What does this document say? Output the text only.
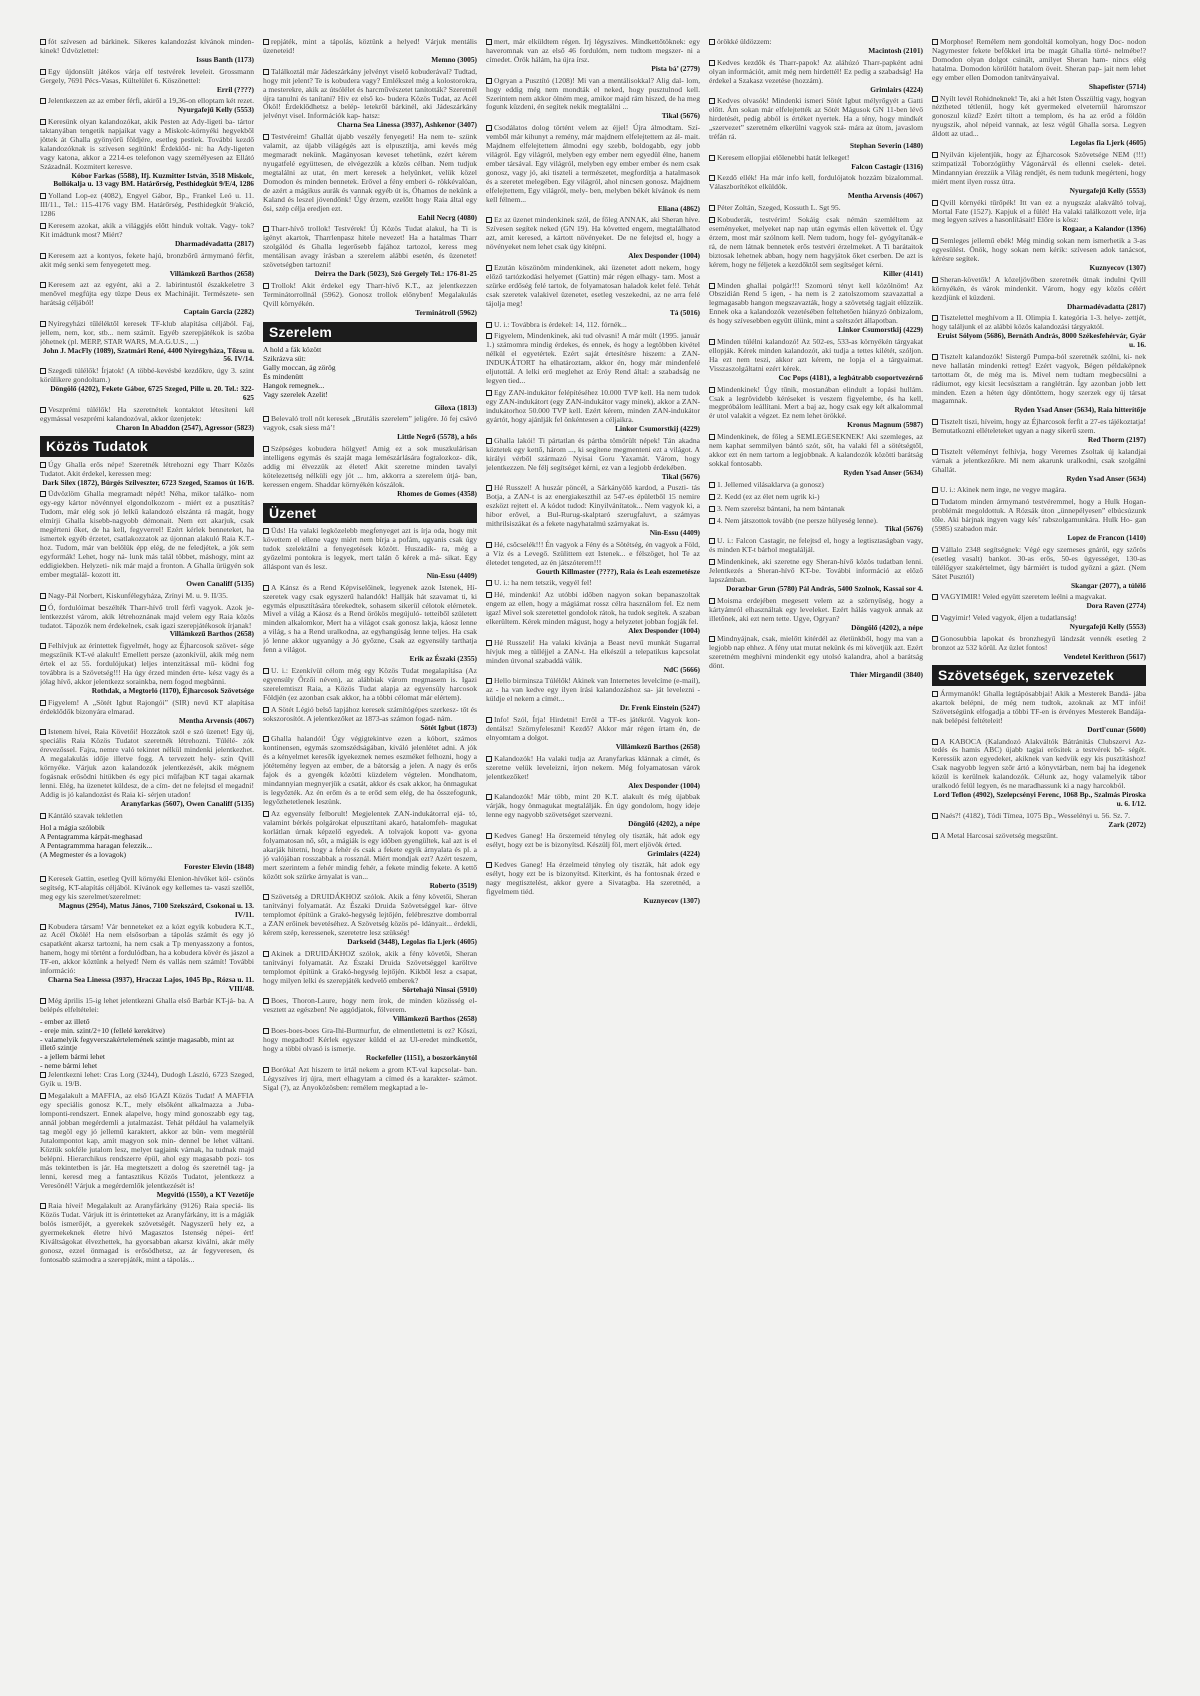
fót szívesen ad bárkinek. Sikeres kalandozást kívánok minden- kinek! Üdvözlettel:
Issus Banth (1173)
Egy újdonsült játékos várja elf testvérek leveleit. Grossmann Gergely, 7691 Pécs-Vasas, Kültelület 6. Köszönettel:
Erril (????)
Jelentkezzen az az ember férfi, akiről a 19,36-on elloptam két rezet.
Nyurgafejű Kelly (5553)
Keresünk olyan kalandozókat, akik Pesten az Ady-ligeti ba- tártor taktanyában tengetik napjaikat vagy a Miskolc-környéki hegyekből jöttek át Ghalla gyönyörű földjére, esetleg pestiek. További kezdő kalandozóknak is szívesen segítünk! Érdeklőd- ni: ha Ady-ligeten vagy katona, akkor a 2214-es telefonon vagy személyesen az Ellátó Századnál. Kozmitert keresve.
Kóbor Farkas (5588), Ifj. Kuzmitter István, 3518 Miskolc, Bollókalja u. 13 vagy BM. Határőrség, Pesthidegkút 9/E/4, 1286
Yolland Lop-ez (4082), Engyel Gábor, Bp., Frankel Leó u. 11. III/11., Tel.: 115-4176 vagy BM. Határőrség, Pesthidegkút 9/akció, 1286
Keresem azokat, akik a világgjés előtt hinduk voltak. Vagy- tok? Kit imádtunk most? Miért?
Dharmadévadatta (2817)
Keresem azt a kontyos, fekete hajú, bronzbőrű ármymanó férfit, akit még senki sem fenyegetett meg.
Villámkezű Barthos (2658)
Keresem azt az egyént, aki a 2. labirintustól északkeletre 3 menővel megfújta egy tüzpe Deus ex Machinájit. Természete- sen harátság céljából!
Captain Garcia (2282)
Nyíregyházi tűléléktől keresek TF-klub alapítása céljából. Faj, jellem, nem, kor, stb... nem számít. Egyéb szerepjátékok is szóba jöhetnek (pl. MERP, STAR WARS, M.A.G.U.S., ...)
John J. MacFly (1089), Szatmári René, 4400 Nyíregyháza, Tőzsu u. 56. IV/14.
Szegedi túlélők! Írjatok! (A többé-kevésbé kezdőkre, úgy 3. szint körülikere gondoltam.)
Döngölő (4202), Fekete Gábor, 6725 Szeged, Pille u. 20. Tel.: 322-625
Veszprémi túlélők! Ha szeretnétek kontaktot létesíteni kél egymással veszprémi kalandozóval, akkor üzenjetek:
Charon In Abaddon (2547), Agressor (5823)
Közös Tudatok
Úgy Ghalla erős népe! Szeretnék létrehozni egy Tharr Közös Tudatot. Akit érdekel, keressen meg:
Dark Silex (1872), Bürgés Szilveszter, 6723 Szeged, Szamos út 16/B.
Üdvözlöm Ghalla megramadt népét! Néha, mikor találko- nom egy-egy kártor növénnyel elgondolkozom - miért ez a pusztítás? Tudom, már elég sok jó lelkű kalandozó elszánta rá magát, hogy elmírji Ghalla kisebb-nagyobb démonait. Nem ezt akarjuk, csak megérteni őket, de ha kell, fegyverrel! Ezért kérlek benneteket, ha ismertek egyéb érzetet, csatlakozzatok az újonnan alakuló Raia K.T.-hoz. Tudom, már van belőlük épp elég, de ne feledjétek, a jók sem egyformák! Lehet, hogy ná- lunk más talál többet, máshogy, mint az eddigiekben. Helyzeti- nik már majd a fronton. A Ghalla ürügyén sok ember megtalál- kozott itt.
Owen Canaliff (5135)
Nagy-Pál Norbert, Kiskunfélegyháza, Zrínyi M. u. 9. II/35.
Ó, fordulóimat beszélték Tharr-hívő troll férfi vagyok. Azok je- lentkezzést várom, akik létrehoznának majd velem egy Raia közös tudatot. Tápozók nem érdekelnek, csak igazi szerepjátékosok írjanak!
Villámkezű Barthos (2658)
Felhívjuk az érintettek figyelmét, hogy az Éjharcosok szövet- sége megszűnik KT-vé alakult! Emellett persze (azonkívül, akik még nem értek el az 55. fordulójukat) leljes intenzitással mű- ködni fog továbbra is a Szövetség!!! Ha úgy érzed minden érte- kész vagy és a jólag hívő, akkor jelentkezz sorainkba, nem fogod megbánni.
Rothdak, a Megtorló (1170), Éjharcosok Szövetsége
Figyelem! A „Sötét Igbut Rajongói” (SIR) nevű KT alapítása érdeklődők bizonyára elmarad.
Mentha Arvensis (4067)
Istenem hívei, Raia Követői! Hozzátok szól e szó üzenet! Egy új, speciális Raia Közös Tudatot szeretnék létrehozni. Túlélé- zók érevezőssel. Fajra, nemre való tekintet nélkül mindenki jelentkezhet. A megalakulás idője illetve fogg. A tervezett hely- szín Qvill környéke. Várjuk azon kalandozók jelentkezését, akik mégnem fogásnak erősödni hitükben és egy pici műfajban KT tagai akarnak lenni. Elég, ha üzenetet küldesz, de a cím- det ne felejtsd el megadni! Addig is jó kalandozást és Raia kí- sérjen utadon!
Aranyfarkas (5607), Owen Canaliff (5135)
Kántáló szavak tekletlen
Hol a mágia szólobik
A Pentagramma kárpát-meghasad
A Pentagrammma haragan felezzik...
(A Megmester és a lovagok)
Forester Elevin (1848)
Keresek Gattin, esetleg Qvill környéki Elenion-hívőket köl- csönös segítség, KT-alapítás céljából. Kívánok egy kellemes ta- vaszi szellőt, meg egy kis szerelmet/szerelmet:
Magnus (2954), Matus János, 7100 Szekszárd, Csokonai u. 13. IV/11.
Kobudera társam! Vár benneteket ez a kózt egyik kobudera K.T., az Acél Ökölé! Ha nem elsősorban a tápolás számít és egy jó csapatként akarsz tartozni, ha nem csak a Tp menyasszony a fontos, hanem, hogy mi történt a fordulódban, ha a kobudera kövér és jászol a TF-en, akkor köztünk a helyed! Nem és vallás nem számít! További információ:
Charna Sea Linessa (3937), Hraczaz Lajos, 1045 Bp., Rózsa u. 11. VIII/48.
Még április 15-ig lehet jelentkezni Ghalla első Barbár KT-já- ba. A belépés elfeltételei:
- ember az illető
- ereje min. szint/2+10 (fellelé kerekítve)
- valamelyik fegyverszakértelemének szintje magasabb, mint az
illető szintje
- a jellem bármi lehet
- neme bármi lehet
Jelentkezni lehet: Cras Lorg (3244), Dudogh László, 6723 Szeged, Gyík u. 19/B.
Megalakult a MAFFIA, az első IGAZI Közös Tudat! A MAFFIA egy speciális gonosz K.T., mely elsőként alkalmazza a Juba- lomponti-rendszert. Ennek alapelve, hogy mind gonoszabb egy tag, annál jobban megérdemli a jutalmazást. Tehát például ha valamelyik tag megöl egy jó jellemű karaktert, akkor az bün- vem megtérül Jutalompontot kap, amit magyon sok min- dennel be lehet váltani. Köztük sokféle jutalom lesz, melyet tagjaink várnak, ha tudnak majd belépni. Hierarchikus rendszerre épül, ahol egy magasabb pozi- tos más tekintetben is jár. Ha megtetszett a dolog és szeretnél tag- ja lenni, keresd meg a fantasztikus Közös Tudatot, jelentkezz a Veresönél! Várjuk a megérdemlők jelentkezését is!
Megvitló (1550), a KT Vezetője
Raia hívei! Megalakult az Aranyfárkány (9126) Raia speciá- lis Közös Tudat. Várjuk itt is érintetteket az Aranyfárkány, itt is a mágiák bolós ismerőjét, a gyerekek szövetségét. Nagyszerű hely ez, a gyermekeknek életre hívó Magasztos Istenség népei- ért! Kiváltságokat élvezhettek, ha gyorsabban akarsz kiválni, akár mély gonosz, ezzel önmagad is erősödhetsz, az ár fegyveresen, és fontosabb számodra a szerepjáték, mint a tápolás...
repjáték, mint a tápolás, köztünk a helyed! Várjuk mentális üzeneteid!
Memno (3005)
Találkoztál már Jádeszárkány jelvényt viselő kobuderával? Tudtad, hogy mit jelent? Te is kobudera vagy? Emlékszel még a kolostorokra, a mesterekre, akik az útsólélet és harcművészetet tanították? Szeretnél újra tanulni és tanítani? Hiv ez első ko- budera Közös Tudat, az Acél Ököl! Érdeklődhetsz a belép- letekről bárkinél, aki Jádeszárkány jelvényt visel. Információk kap- hatsz:
Charna Sea Linessa (3937), Ashkenor (3407)
Testvéreim! Ghallát újabb veszély fenyegeti! Ha nem te- szünk valamit, az újabb világégés azt is elpusztítja, ami kevés még megmaradt nekünk. Magányosan keveset tehetünk, ezért kérem nyugatfelé együttesen, de elvégezzük a közös célban. Nem tudjuk megtalálni az utat, én mert keresek a helyünket, velük közel Domodon és minden bennetek. Erővel a fény emberi ö- rökkévalóan, de azért a mágikus aurák és vannak egyéb út is, Óhamos de nekünk a Kaland és leszel jövendőnk! Úgy érzem, ezelőtt hogy Raia által egy ősi, szép célja eredjen ezt.
Eahil Necrg (4080)
Tharr-hívő trollok! Testvérek! Új Közös Tudat alakul, ha Ti is igényt akartok, Tharrlenpasz hitele nevezet! Ha a hatalmas Tharr szolgálód és Ghalla legerősebb fajához tartozol, keress meg mentálisan avagy írásban a szerelem alábbi esetén, és üzenetet! szövetségben tartozni!
Deirra the Dark (5023), Szó Gergely Tel.: 176-81-25
Trollok! Akit érdekel egy Tharr-hívő K.T., az jelentkezzen Terminátorrollnál (5962). Gonosz trollok előnyben! Megalakulás Qvill környékén.
Terminátroll (5962)
Szerelem
A hold a fák között
Szikrázva süt:
Gally moccan, ág zörög
És mindenütt
Hangok remegnek...
Vagy szerelek Azelit!
Giloxa (1813)
Belevaló troll nőt keresek „Brutális szerelem” jeligére. Jó fej csávó vagyok, csak siess má’!
Little Negrő (5578), a hős
Szépséges kobudera hölgyet! Amig ez a sok muszkulárisan intelligens egymás és szaját maga lemészárlására fogtalozkoz- dik, addig mi élvezzük az életet! Akit szeretne minden tavalyi kötelezettség nélküli egy jót ... hm, akkorra a szerelem útjá- ban, keressen engem. Shaddar környékén kószálok.
Rhomes de Gomes (4358)
Üzenet
Üds! Ha valaki legközelebb megfenyeget azt is írja oda, hogy mit követtem el ellene vagy miért nem bírja a pofám, ugyanis csak úgy tudok szelektálni a fenyegetések között. Huszadik- ra, még a győzelmi pontokra is legyek, mert talán ő kérek a má- sikat. Egy álláspont van és lesz.
Nin-Essu (4409)
A Kánsz és a Rend Képviselőinek, legyenek azok Istenek, Hí- szeretek vagy csak egyszerű halandók! Hallják hát szavamat ti, ki egymás elpusztítására törekedtek, sohasem sikerül célotok elérnetek. Mivel a világ a Káosz és a Rend örökös megújuló- tetteiből született minden alkalomkor, Mert ha a világot csak gonosz lakja, káosz lenne a világ, s ha a Rend uralkodna, az egyhangúság lenne teljes. Ha csak jó lenne akkor ugyanúgy a Jó győzne, Csak az egyensúly tarthatja fenn a világot.
Erik az Északi (2355)
U. i.: Ezenkívül célom még egy Közös Tudat megalapítása (Az egyensúly Őrzői néven), az alábbiak várom megmasem is. Igazi szerelemtiszt Raia, a Közös Tudat alapja az egyensúly harcosok Földjén (ez azonban csak akkor, ha a többi célomat már elértem).
A Sötét Légió belső lapjához keresek számítógépes szerkesz- tőt és sokszorosítót. A jelentkezőket az 1873-as számon fogad- nám.
Sötét Igbut (1873)
Ghalla halandói! Úgy végigtekintve ezen a kóbort, számos kontinensen, egymás szomszédságában, kiváló jelenlétet adni. A jók és a kényelmet keresők igyekeznek nemes eszméket felhozni, hogy a jótétemény legyen az ember, de a bátorság a jelen. A nagy és erős fajok és a gyengék közötti küzdelem végtelen. Mondhatom, mindannyian megnyerjük a csatát, akkor és csak akkor, ha önmagukat is legyőzték. Az én erőm és a te erőd sem elég, de ha összefogunk, legyőzhetetlenek leszünk.
Az egyensúly felborult! Megjelentek ZAN-indukátorral ejá- tó, valamint bérkés polgárokat elpusztítani akaró, hatalomfeh- magukat korlátlan úrnak képzelő egyedek. A tolvajok kopott va- gyona folyamatosan nő, sőt, a mágiák is egy időben gyengültek, kal azt is el akarják hitetni, hogy a fehér és csak a fekete egyik árnyalata és pl. a jó valójában rosszabbak a rossznál. Miért mondjak ezt? Azért teszem, mert szerintem a fehér mindig fehér, a fekete mindig fekete. A kettő között sok szürke árnyalat is van...
Roberto (3519)
Szövetség a DRUIDÁKHOZ szólok. Akik a fény követői, Sheran tanítványi folyamatát. Az Északi Druida Szövetséggel kar- öltve templomot építünk a Grakó-hegység lejtőjén, felébresztve domborral a ZAN erőinek bevetéséhez. A Szövetség közös pé- ldányait... érdekli, kérem szép, keressenek, szeretetre lesz szükség!
Darkseid (3448), Legolas fia Ljerk (4605)
Akinek a DRUIDÁKHOZ szólok, akik a fény követői, Sheran tanítványi folyamatát. Az Északi Druida Szövetséggel karöltve templomot építünk a Grakó-hegység lejtőjén. Kikből lesz a csapat, hogy milyen lelki és szerepjáték kedvelő emberek?
Sörtehajú Ninsai (5910)
Boes, Thoron-Laure, hogy nem írok, de minden közösség el- vesztett az egészben! Ne aggódjatok, fölverem.
Villámkezű Barthos (2658)
Boes-boes-boes Gra-Ihi-Burmurfur, de elmentlettetni is ez? Köszi, hogy megadtod! Kérlek egyszer küldd el az Ul-eredet mindkettőt, hogy a többi olvasó is ismerje.
Rockefeller (1151), a boszorkánytól
Boróka! Azt hiszem te írtál nekem a grom KT-val kapcsolat- ban. Légyszíves írj újra, mert elhagytam a címed és a karakter- számot. Sígal (?), az Ányoközösben: remélem megkaptad a le-
mert, már elküldtem régen. Írj légyszives. Mindkettőtöknek: egy haveromnak van az első 46 fordulóm, nem tudtom megszer- ni a címedet. Örök hálám, ha újra írsz.
Pista bá’ (2779)
Ogryan a Pusztító (1208)! Mi van a mentálisokkal? Alig dal- lom, hogy eddig még nem mondták el neked, hogy pusztulnod kell. Szerintem nem akkor ölném meg, amikor majd rám hiszed, de ha meg fogunk küzdeni, én segítek nekik megtalálni ...
Tikal (5676)
Csodálatos dolog történt velem az éjjel! Újra álmodtam. Szí- vemből már kihunyt a remény, már majdnem elfelejtettem az ál- mait. Majdnem elfelejtettem álmodni egy szebb, boldogabb, egy jobb világról. Egy világról, melyben egy ember nem egyedül élne, hanem ember társával. Egy világról, melyben egy ember ember és nem csak gonosz, vagy jó, aki tiszteli a természetet, megfordítja a hatalmasok és a szeretet melegében. Egy világról, ahol nincsen gonosz. Majdnem elfelejtettem, Egy világról, mely- ben, melyben békét kívánok és nem kell félnem...
Eliana (4862)
Ez az üzenet mindenkinek szól, de főleg ANNAK, aki Sheran híve. Szívesen segítek neked (GN 19). Ha követted engem, megtalálhatod azt, amit keresed, a kártott növényeket. De ne felejtsd el, hogy a növényeket nem lehet csak úgy kitépni.
Alex Desponder (1004)
Ezután köszönöm mindenkinek, aki üzenetet adott nekem, hogy előző tartózkodási helyemet (Gattin) már régen elhagy- tam. Most a szürke erdőség felé tartok, de folyamatosan haladok kelet felé. Tehát csak szeretek valakivel üzenetet, esetleg veszekedni, az ne arra felé tájolja meg!
Tá (5016)
U. i.: Továbbra is érdekel: 14, 112. fórnék...
Figyelem, Mindenkinek, aki tud olvasni! A már múlt (1995. január 1.) számomra mindig érdekes, és ennek, és hogy a legtöbben kivétel nélkül el egyetértek. Ezért saját értesítésre hiszem: a ZAN-INDUKÁTORT ha elhatároztam, akkor én, hogy már mindenfelé eljutottál. A lelki erő meglehet az Eróy Rend által: a szabadság ne legyen tied...
Egy ZAN-indukátor felépítéséhez 10.000 TVP kell. Ha nem tudok egy ZAN-indukátort (egy ZAN-indukátor vagy minek), akkor a ZAN-indukátorhoz 50.000 TVP kell. Ezért kérem, minden ZAN-indukátor gyártót, hogy ajánlják fel önkéntesen a céljaikra.
Linkor Csumorstkij (4229)
Ghalla lakói! Ti pártatlan és pártba tömörült népek! Tán akadna köztetek egy kettő, három ..., ki segítene megmenteni ezt a világot. A királyi vérből származó Nyisai Goru Yaxamát. Várom, hogy jelentkezzen. Ne félj segítséget kérni, ez van a legjobb érdekében.
Tikal (5676)
Hé Russzel! A huszár pöncél, a Sárkányölő kardod, a Puszti- tás Botja, a ZAN-t is az energiakeszthil az 547-es épületből 15 nemire eszközt rejtett el. A kódot tudod: Kinyilvánítatok... Nem vagyok ki, a hibor erővel, a Bul-Rurug-skalptaró szerugfaluvt, a számyas mithrilsiszákat és a fekete nagyhatalmú szárnyakat is.
Nin-Essu (4409)
Hé, csőcselék!!! Én vagyok a Fény és a Sötétség, én vagyok a Föld, a Víz és a Levegő. Szülittem ezt Istenek... e félszöget, hol Te az életedet tengeted, az én játszóterem!!!
Gourth Killmaster (????), Raia és Leah eszemetésze
U. i.: ha nem tetszik, vegyél fel!
Hé, mindenki! Az utóbbi időben nagyon sokan bepanaszoltak engem az ellen, hogy a mágiámat rossz célra használom fel. Ez nem igaz! Mivel sok szeretettel gondolok rátok, ha tudok segítek. A szaban elkerültem. Kérek minden mágust, hogy a helyzetet jobban fogják fel.
Alex Desponder (1004)
Hé Russzeli! Ha valaki kívánja a Beast nevű munkát Sugarral hívjuk meg a tülléjjel a ZAN-t. Ha elkészül a telepatikus kapcsolat minden útvonal szabaddá válik.
NdC (5666)
Hello birminsza Túlélők! Akinek van Internetes levelcíme (e-mail), az - ha van kedve egy ilyen írási kalandozáshoz sa- ját levelezni - küldje el nekem a címét...
Dr. Frenk Einstein (5247)
Info! Szól, Írja! Hirdetni! Erről a TF-es játékról. Vagyok kon- dentálsz! Szörnyfeleszni! Kezdő? Akkor már régen írtam én, de elnyomtam a dolgot.
Villámkezű Barthos (2658)
Kalandozók! Ha valaki tudja az Aranyfarkas klánnak a címét, és szeretne velük leveleizni, írjon nekem. Még folyamatosan várok jelentkezőket!
Alex Desponder (1004)
Kalandozók! Már több, mint 20 K.T. alakult és még újabbak várják, hogy önmagukat megtalálják. Én úgy gondolom, hogy ideje lenne egy nagyobb szövetséget szervezni.
Döngölő (4202), a népe
Kedves Ganeg! Ha őrszemeid tényleg oly tiszták, hát adok egy esélyt, hogy ezt be is bizonyítsd. Készülj föl, mert eljövök érted.
Grimlairs (4224)
Kedves Ganeg! Ha érzelmeid tényleg oly tiszták, hát adok egy esélyt, hogy ezt be is bizonyítsd. Kiterkint, és ha fontosnak érzed e nagy megtisztelést, akkor gyere a Sivatagba. Ha szeretnéd, a figyelmem tiéd.
Kuznyecov (1307)
örökké üldözzem:
Macintosh (2101)
Kedves kezdők és Tharr-papok! Az aláhúzó Tharr-papként adni olyan információt, amit még nem hirdettél! Ez pedig a szabadság! Ha érdekel a Szakasz vezetése (hozzám).
Grimlairs (4224)
Kedves olvasók! Mindenki ismeri Sötét Igbut mélyrőgyét a Gatti előtt. Ám sokan már elfelejtették az Sötét Mágusok GN 11-ben lévő hirdetését, pedig abból is értéket nyertek. Ha a tény, hogy mindkét „szervezet” szeretném elkerülni vagyok szá- mára az útom, javaslom tréfán rá.
Stephan Severin (1480)
Keresem ellopjiai előlenebbi hatát lelkeget!
Falcon Castagir (1316)
Kezdő ellék! Ha már info kell, fordulójatok hozzám bizalommal. Válaszborítékot elküldök.
Mentha Arvensis (4067)
Péter Zoltán, Szeged, Kossuth L. Sgt 95.
Kobuderák, testvérim! Sokáig csak némán szemléltem az eseményeket, melyeket nap nap után egymás ellen követtek el. Úgy érzem, most már szólnom kell. Nem tudom, hogy fel- gyógyítanák-e rá, de nem látnak bennetek erős testvéri érzelmeket. A Ti barátaitok biztosak lehetnek abban, hogy nem hagyjátok őket cserben. De azt is kérem, hogy ne féljetek a kezdőktől sem segítséget kérni.
Killer (4141)
Minden ghallai polgár!!! Szomorú tényt kell közölnöm! Az Obszidián Rend 5 igen, - ha nem is 2 zatolszomom szavazattal a legmagasabb hangon megszavazták, hogy a szövetség tagjait elűzzük. Ennek oka a kalandozók vezetésében feltehetően hiányzó önbizalom, és hogy szívesebben együtt ülünk, mint a szétszórt állapotban.
Linkor Csumorstkij (4229)
Minden túlélni kalandozó! Az 502-es, 533-as környékén tárgyakat ellopják. Kérek minden kalandozót, aki tudja a tettes kilétét, szóljon. Ha ezt nem teszi, akkor azt kérem, ne lopja el a tárgyaimat. Visszaszolgáltatni ezért kérek.
Coc Pops (4181), a legbátrabb csoportvezérnő
Mindenkinek! Úgy tűnik, mostanában elindult a lopási hullám. Csak a legrövidebb kéréseket is veszem figyelembe, és ha kell, megpróbálom leállítani. Mert a baj az, hogy csak egy két alkalommal ér utol valakit a végzet. Ez nem lehet örökké.
Kronus Magnum (5987)
Mindenkinek, de főleg a SEMLEGESEKNEK! Aki szemleges, az nem kaphat semmilyen bántó szót, sőt, ha valaki fél a sötétségtől, akkor ezt én nem tartom a legjobbnak. A kalandozók közötti barátság sokkal fontosabb.
Ryden Ysad Anser (5634)
1. Jellemed vilásaklarva (a gonosz)
2. Kedd (ez az élet nem ugrik ki-)
3. Nem szerelsz bántani, ha nem bántanak
4. Nem játszottok tovább (ne persze hülyeség lenne).
Tikal (5676)
U. i.: Falcon Castagir, ne felejtsd el, hogy a legtisztaságban vagy, és minden KT-t bárhol megtaláljál.
Mindenkinek, aki szeretne egy Sheran-hívő közös tudatban lenni. Jelentkezés a Sheran-hívő KT-be. További információ az előző lapszámban.
Dorazbar Grun (5780) Pál András, 5400 Szolnok, Kassai sor 4.
Moisma erdejében megesett velem az a szörnyűség, hogy a kártyámról elhasználtak egy leveleket. Ezért hálás vagyok annak az illetőnek, aki ezt nem tette. Ugye, Ogryan?
Döngölő (4202), a népe
Mindnyájnak, csak, mielőtt kitérdél az életünkből, hogy ma van a legjobb nap ehhez. A fény utat mutat nekünk és mi követjük azt. Ezért szeretném meghívni mindenkit egy utolsó kalandra, ahol a barátság dönt.
Thier Mirgandil (3840)
Morphose! Remélem nem gondoltál komolyan, hogy Doc- nodon Nagymester fekete befőkkel irta be magát Ghalla törté- nelmébe!? Domodon olyan dolgot csinált, amilyet Sheran ham- nincs elég hatalma. Domodon körülött hatalom öveit. Sheran pap- jait nem lehet egy ember ellen Domodon tanítványaival.
Shapefister (5714)
Nyílt levél Rohidneknek! Te, aki a hét Isten Összültig vagy, hogyan néztheted tétlenül, hogy két gyermeked elveternül háromszor gonoszul küzd? Ezért tiltott a templom, és ha az erőd a földön nyugszik, ahol népeid vannak, az lesz végül Ghalla sorsa. Legyen áldott az utad...
Legolas fia Ljerk (4605)
Nyilván kijelentjük, hogy az Éjharcosok Szövetsége NEM (!!!) szimpatizál Toborzógüthy Vágonárvál és ellenni cselek- detei. Mindannyian érezzük a Világ rendjét, és nem tudunk megérteni, hogy miért ment ilyen rossz útra.
Nyurgafejű Kelly (5553)
Qvill környéki tűrőpék! Itt van ez a nyugszáz alakváltó tolvaj, Mortal Fate (1527). Kapjuk el a fülét! Ha valaki találkozott vele, írja meg legyen szíves a hasonlításait! Előre is kösz:
Rogaar, a Kalandor (1396)
Semleges jellemű ebék! Még mindig sokan nem ismerhetik a 3-as egyesülést. Önök, hogy sokan nem kérik: szívesen adok tanácsot, kérésre segítek.
Kuznyecov (1307)
Sheran-követők! A közeljövőben szeretnék útnak indulni Qvill környékén, és várok mindenkit. Várom, hogy egy közös célért kezdjünk el küzdeni.
Dharmadévadatta (2817)
Tisztelettel meghívom a II. Olimpia I. kategória 1-3. helye- zettjét, hogy találjunk el az alábbi közös kalandozási tárgyaktól.
Eruist Sólyom (5686), Bernáth András, 8000 Székesfehérvár, Gyár u. 16.
Tisztelt kalandozók! Sistergő Pumpa-ból szeretnék szólni, ki- nek neve hallatán mindenki retteg! Ezért vagyok, Bégen példaképnek tartottam őt, de még ma is. Mivel nem tudtam megbecsülni a rádiumot, egy kicsit lecsúsztam a ranglétrán. Így azonban jobb lett minden. Ezen a héten úgy döntöttem, hogy szerzek egy új társat magamnak.
Ryden Ysad Anser (5634), Raia hitterítője
Tisztelt tiszi, híveim, hogy az Éjharcosok ferfit a 27-es tájékoztatja! Bemutatkozni ellételeteket ugyan a nagy sikerű szem.
Red Thorm (2197)
Tisztelt véleményt felhívja, hogy Veremes Zsoltak új kalandjai várnak a jelentkezőkre. Mi nem akarunk uralkodni, csak szolgálni Ghallát.
Ryden Ysad Anser (5634)
U. i.: Akinek nem inge, ne vegye magára.
Tudatom minden ármymanó testvéremmel, hogy a Hulk Hogan-problémát megoldottuk. A Rózsák úton „ünnepélyesen” elbúcsúzunk tőle. Aki bárjnak ingyen vagy kés’ rabszolgamunkára. Hulk Ho- gan (5985) szabadon már.
Lopez de Francon (1410)
Vállalo 2348 segítségnek: Végé egy szemeses gnáról, egy szőrös (esetleg vasalt) bankot. 30-as erős, 50-es ügyességet, 130-as túlélőgyer szakértelmet, ügy bármiért is tudod győzni a gázt. (Nem Sátet Pusztól)
Skangar (2077), a túlélő
VAGYIMIR! Veled együtt szeretem leélni a magvakat.
Dora Raven (2774)
Vagyimir! Veled vagyok, éljen a tudatlanság!
Nyurgafejű Kelly (5553)
Gonosubbia lapokat és bronzhegyű lándzsát vennék esetleg 2 bronzot az 532 körül. Az üzlet fontos!
Vendetel Kerithron (5617)
Szövetségek, szervezetek
Ármymanók! Ghalla legtápósabbjai! Akik a Mesterek Bandá- jába akartok belépni, de még nem tudtok, azoknak az MT infói! Szövetségünk elfogadja a többi TF-en is érvényes Mesterek Bandája-nak belépési feltételeit!
Dortl'cunar (5600)
A KABOCA (Kalandozó Alakváltók Bátránitás Clubszervi Az- tedés és hamis ABC) újabb tagjai erősitek a testvérek bő- ségét. Keressük azon egyedeket, akiknek van kedvük egy kis pusztításhoz! Csak nagyobb legyen szőr ártó a könyvtárban, nem baj ha idegenek közül is kerülnek kalandozók. Célunk az, hogy valamelyik tábor uralkodó felül legyen, és ne maradhassunk ki a nagy harcokból.
Lord Teflon (4902), Szelepcsényi Ferenc, 1068 Bp., Szalmás Piroska u. 6. I/12.
Naés?! (4182), Tódi Tímea, 1075 Bp., Wesselényi u. 56. Sz. 7.
Zark (2072)
A Metal Harcosai szövetség megszűnt.
